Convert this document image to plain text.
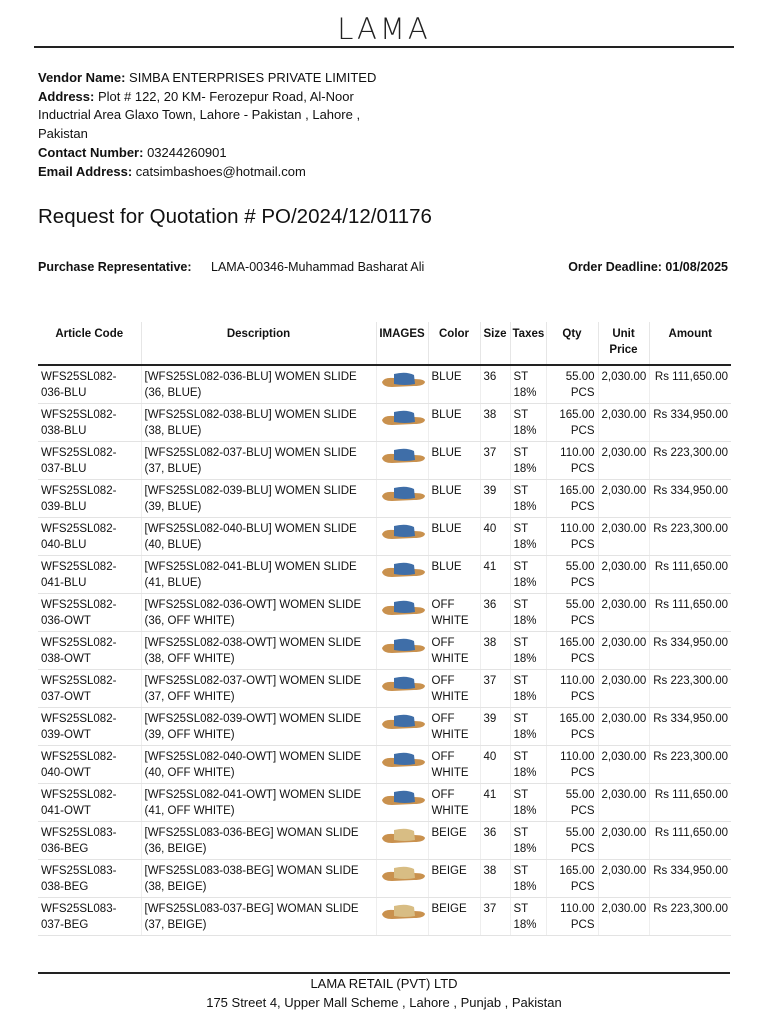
LAMA
Vendor Name: SIMBA ENTERPRISES PRIVATE LIMITED
Address: Plot # 122, 20 KM- Ferozepur Road, Al-Noor Inductrial Area Glaxo Town, Lahore - Pakistan , Lahore , Pakistan
Contact Number: 03244260901
Email Address: catsimbashoes@hotmail.com
Request for Quotation # PO/2024/12/01176
Purchase Representative: LAMA-00346-Muhammad Basharat Ali	Order Deadline: 01/08/2025
Article Code	Description	IMAGES	Color	Size	Taxes	Qty	Unit Price	Amount
WFS25SL082-036-BLU	[WFS25SL082-036-BLU] WOMEN SLIDE (36, BLUE)		BLUE	36	ST 18%	55.00 PCS	2,030.00	Rs 111,650.00
WFS25SL082-038-BLU	[WFS25SL082-038-BLU] WOMEN SLIDE (38, BLUE)		BLUE	38	ST 18%	165.00 PCS	2,030.00	Rs 334,950.00
WFS25SL082-037-BLU	[WFS25SL082-037-BLU] WOMEN SLIDE (37, BLUE)		BLUE	37	ST 18%	110.00 PCS	2,030.00	Rs 223,300.00
WFS25SL082-039-BLU	[WFS25SL082-039-BLU] WOMEN SLIDE (39, BLUE)		BLUE	39	ST 18%	165.00 PCS	2,030.00	Rs 334,950.00
WFS25SL082-040-BLU	[WFS25SL082-040-BLU] WOMEN SLIDE (40, BLUE)		BLUE	40	ST 18%	110.00 PCS	2,030.00	Rs 223,300.00
WFS25SL082-041-BLU	[WFS25SL082-041-BLU] WOMEN SLIDE (41, BLUE)		BLUE	41	ST 18%	55.00 PCS	2,030.00	Rs 111,650.00
WFS25SL082-036-OWT	[WFS25SL082-036-OWT] WOMEN SLIDE (36, OFF WHITE)		OFF WHITE	36	ST 18%	55.00 PCS	2,030.00	Rs 111,650.00
WFS25SL082-038-OWT	[WFS25SL082-038-OWT] WOMEN SLIDE (38, OFF WHITE)		OFF WHITE	38	ST 18%	165.00 PCS	2,030.00	Rs 334,950.00
WFS25SL082-037-OWT	[WFS25SL082-037-OWT] WOMEN SLIDE (37, OFF WHITE)		OFF WHITE	37	ST 18%	110.00 PCS	2,030.00	Rs 223,300.00
WFS25SL082-039-OWT	[WFS25SL082-039-OWT] WOMEN SLIDE (39, OFF WHITE)		OFF WHITE	39	ST 18%	165.00 PCS	2,030.00	Rs 334,950.00
WFS25SL082-040-OWT	[WFS25SL082-040-OWT] WOMEN SLIDE (40, OFF WHITE)		OFF WHITE	40	ST 18%	110.00 PCS	2,030.00	Rs 223,300.00
WFS25SL082-041-OWT	[WFS25SL082-041-OWT] WOMEN SLIDE (41, OFF WHITE)		OFF WHITE	41	ST 18%	55.00 PCS	2,030.00	Rs 111,650.00
WFS25SL083-036-BEG	[WFS25SL083-036-BEG] WOMAN SLIDE (36, BEIGE)		BEIGE	36	ST 18%	55.00 PCS	2,030.00	Rs 111,650.00
WFS25SL083-038-BEG	[WFS25SL083-038-BEG] WOMAN SLIDE (38, BEIGE)		BEIGE	38	ST 18%	165.00 PCS	2,030.00	Rs 334,950.00
WFS25SL083-037-BEG	[WFS25SL083-037-BEG] WOMAN SLIDE (37, BEIGE)		BEIGE	37	ST 18%	110.00 PCS	2,030.00	Rs 223,300.00
LAMA RETAIL (PVT) LTD
175 Street 4, Upper Mall Scheme , Lahore , Punjab , Pakistan
